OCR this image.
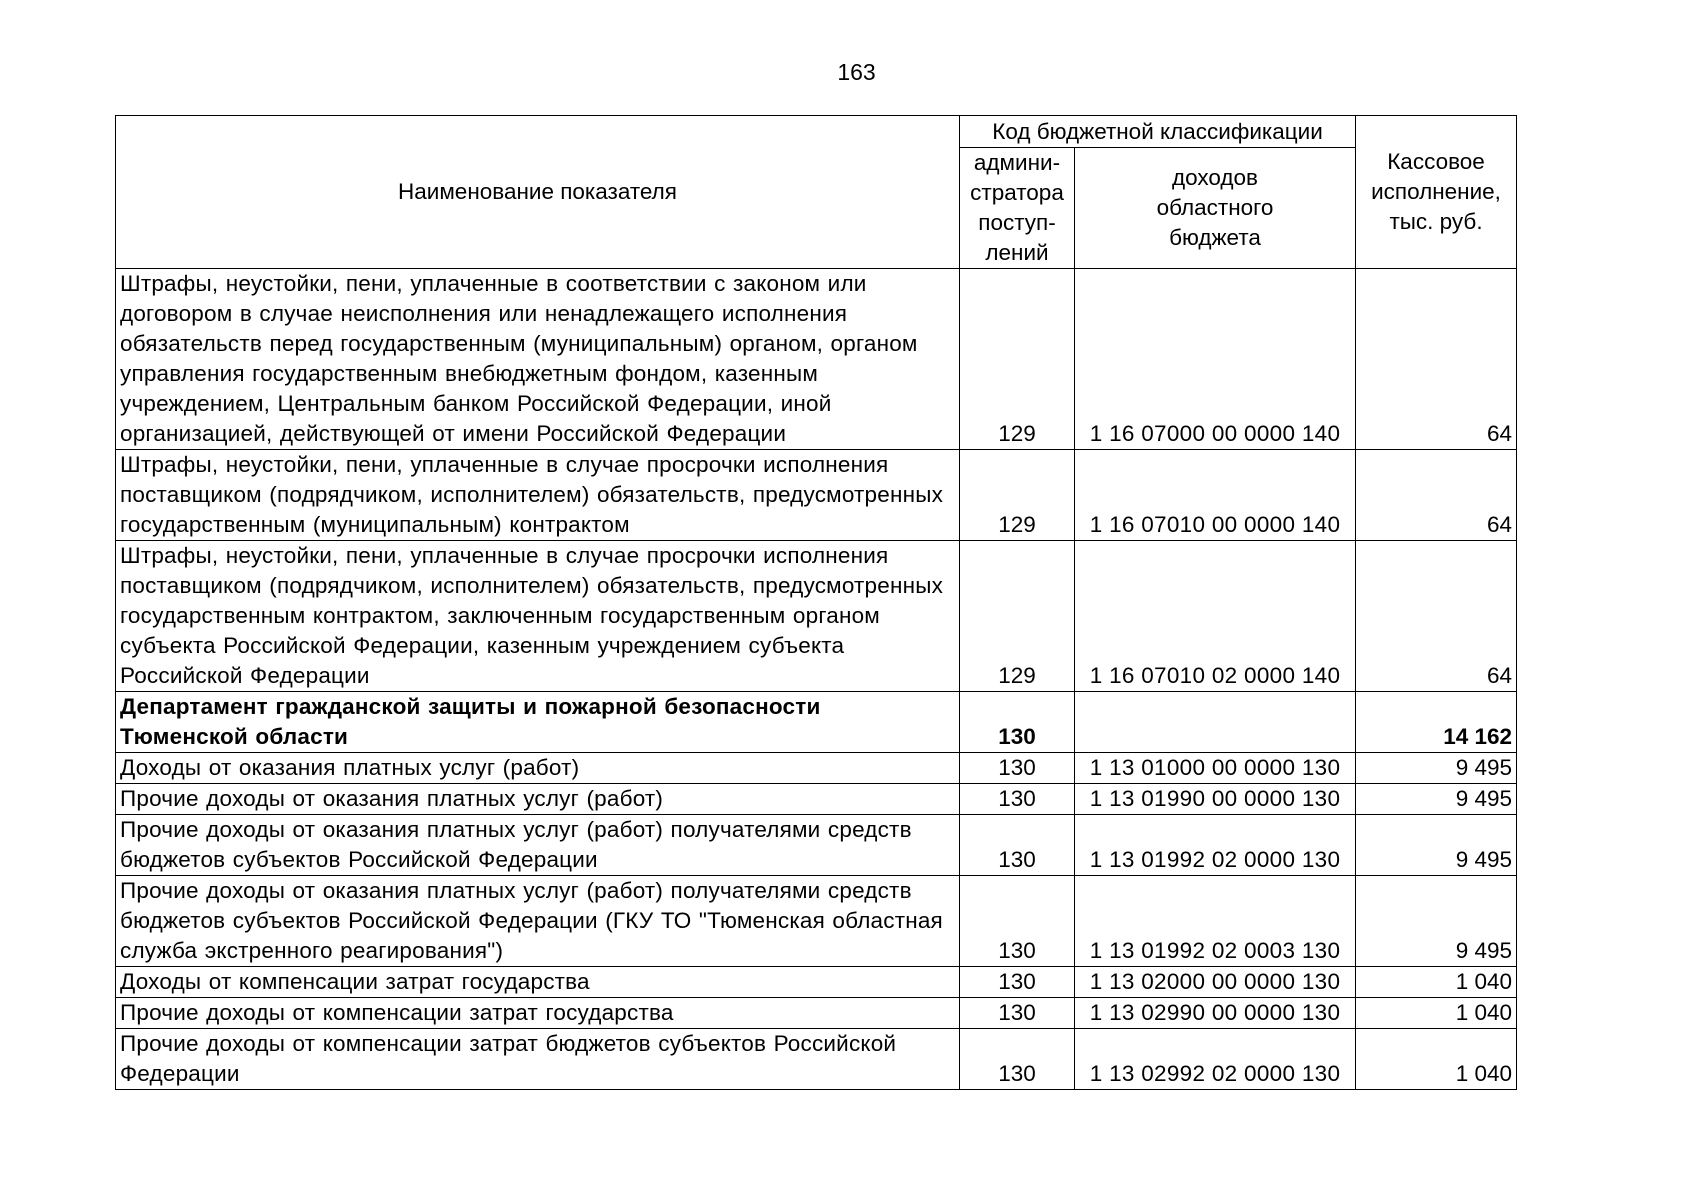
163
Наименование показателя	Код бюджетной классификации		Кассовое исполнение, тыс. руб.
	админи-стратора поступ-лений	доходов областного бюджета	
Штрафы, неустойки, пени, уплаченные в соответствии с законом или договором в случае неисполнения или ненадлежащего исполнения обязательств перед государственным (муниципальным) органом, органом управления государственным внебюджетным фондом, казенным учреждением, Центральным банком Российской Федерации, иной организацией, действующей от имени Российской Федерации	129	1 16 07000 00 0000 140	64
Штрафы, неустойки, пени, уплаченные в случае просрочки исполнения поставщиком (подрядчиком, исполнителем) обязательств, предусмотренных государственным (муниципальным) контрактом	129	1 16 07010 00 0000 140	64
Штрафы, неустойки, пени, уплаченные в случае просрочки исполнения поставщиком (подрядчиком, исполнителем) обязательств, предусмотренных государственным контрактом, заключенным государственным органом субъекта Российской Федерации, казенным учреждением субъекта Российской Федерации	129	1 16 07010 02 0000 140	64
Департамент гражданской защиты и пожарной безопасности Тюменской области	130		14 162
Доходы от оказания платных услуг (работ)	130	1 13 01000 00 0000 130	9 495
Прочие доходы от оказания платных услуг (работ)	130	1 13 01990 00 0000 130	9 495
Прочие доходы от оказания платных услуг (работ) получателями средств бюджетов субъектов Российской Федерации	130	1 13 01992 02 0000 130	9 495
Прочие доходы от оказания платных услуг (работ) получателями средств бюджетов субъектов Российской Федерации (ГКУ ТО "Тюменская областная служба экстренного реагирования")	130	1 13 01992 02 0003 130	9 495
Доходы от компенсации затрат государства	130	1 13 02000 00 0000 130	1 040
Прочие доходы от компенсации затрат государства	130	1 13 02990 00 0000 130	1 040
Прочие доходы от компенсации затрат бюджетов субъектов Российской Федерации	130	1 13 02992 02 0000 130	1 040
